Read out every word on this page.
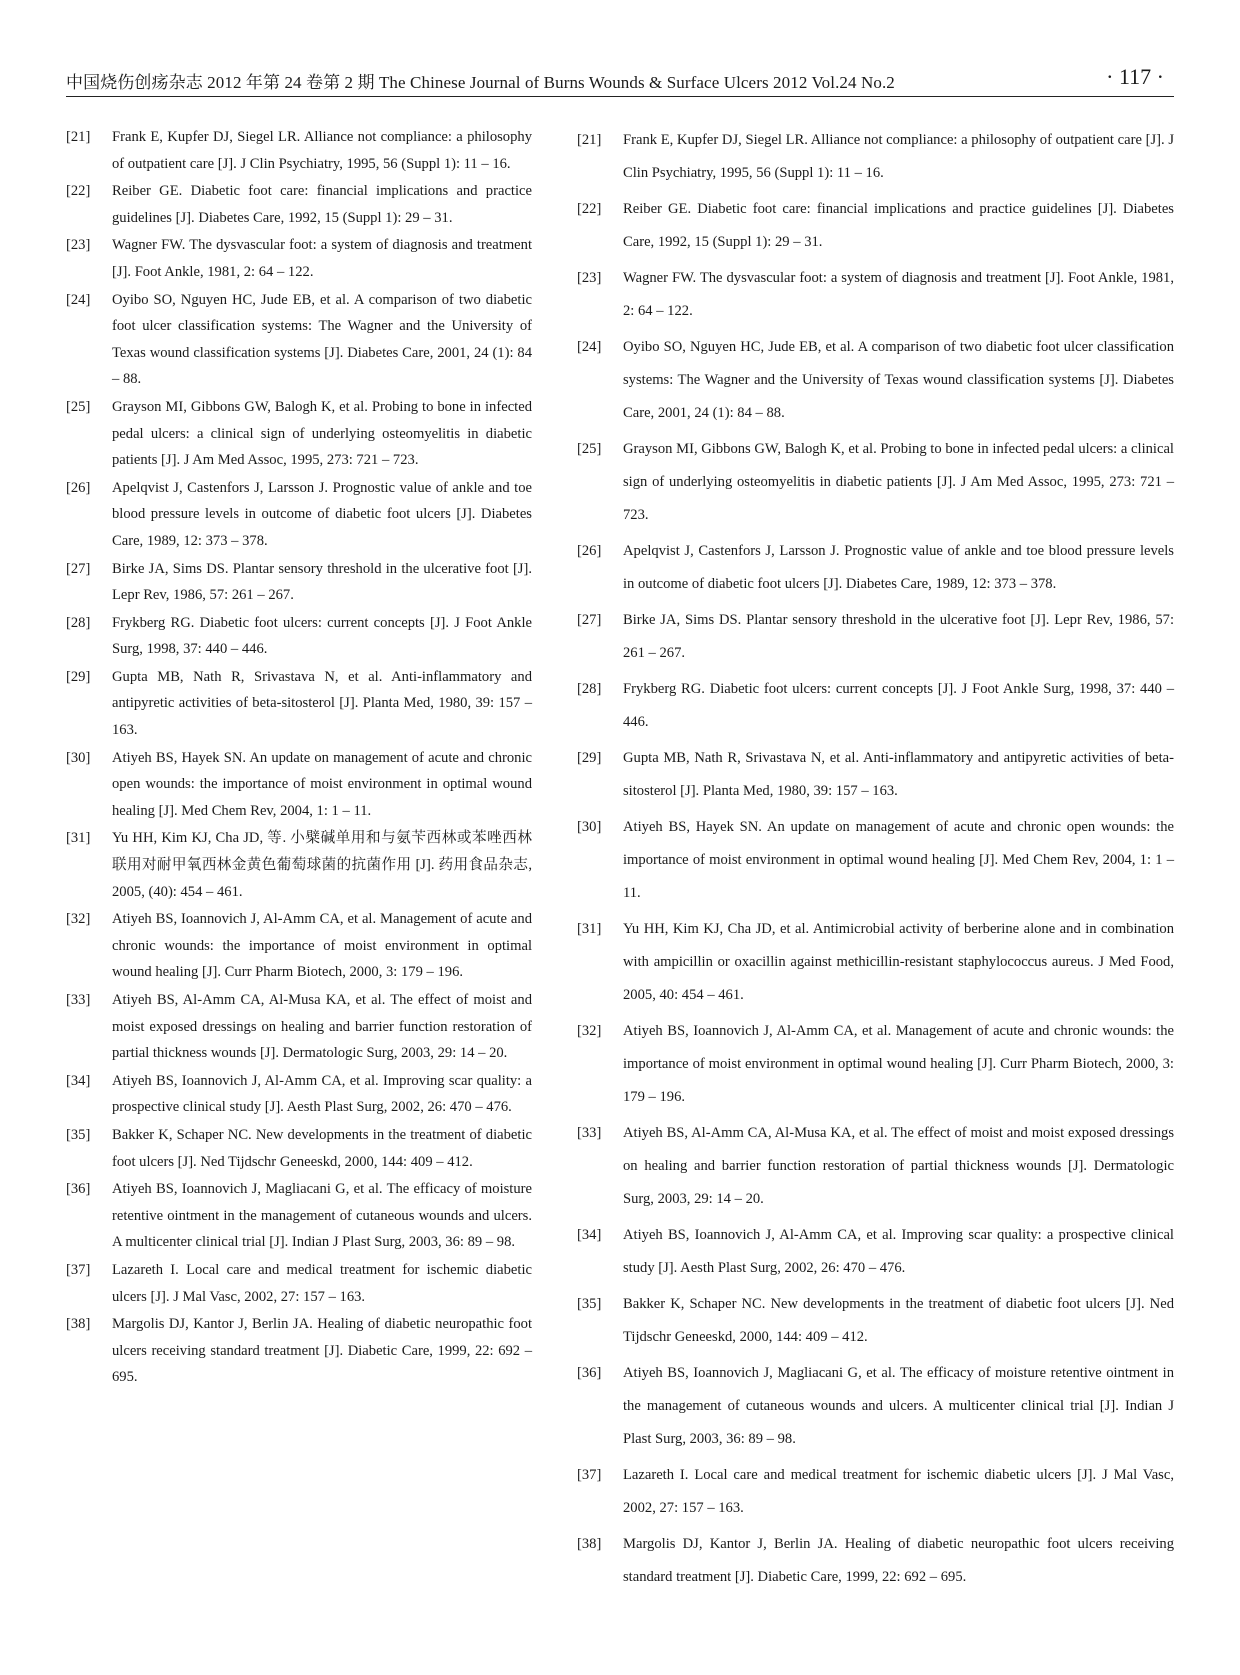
中国烧伤创疡杂志 2012 年第 24 卷第 2 期 The Chinese Journal of Burns Wounds & Surface Ulcers 2012 Vol.24 No.2	· 117 ·
[21] Frank E, Kupfer DJ, Siegel LR. Alliance not compliance: a philosophy of outpatient care [J]. J Clin Psychiatry, 1995, 56 (Suppl 1): 11 – 16.
[22] Reiber GE. Diabetic foot care: financial implications and practice guidelines [J]. Diabetes Care, 1992, 15 (Suppl 1): 29 – 31.
[23] Wagner FW. The dysvascular foot: a system of diagnosis and treatment [J]. Foot Ankle, 1981, 2: 64 – 122.
[24] Oyibo SO, Nguyen HC, Jude EB, et al. A comparison of two diabetic foot ulcer classification systems: The Wagner and the University of Texas wound classification systems [J]. Diabetes Care, 2001, 24 (1): 84 – 88.
[25] Grayson MI, Gibbons GW, Balogh K, et al. Probing to bone in infected pedal ulcers: a clinical sign of underlying osteomyelitis in diabetic patients [J]. J Am Med Assoc, 1995, 273: 721 – 723.
[26] Apelqvist J, Castenfors J, Larsson J. Prognostic value of ankle and toe blood pressure levels in outcome of diabetic foot ulcers [J]. Diabetes Care, 1989, 12: 373 – 378.
[27] Birke JA, Sims DS. Plantar sensory threshold in the ulcerative foot [J]. Lepr Rev, 1986, 57: 261 – 267.
[28] Frykberg RG. Diabetic foot ulcers: current concepts [J]. J Foot Ankle Surg, 1998, 37: 440 – 446.
[29] Gupta MB, Nath R, Srivastava N, et al. Anti-inflammatory and antipyretic activities of beta-sitosterol [J]. Planta Med, 1980, 39: 157 – 163.
[30] Atiyeh BS, Hayek SN. An update on management of acute and chronic open wounds: the importance of moist environment in optimal wound healing [J]. Med Chem Rev, 2004, 1: 1 – 11.
[31] Yu HH, Kim KJ, Cha JD, 等. 小檗碱单用和与氨苄西林或苯唑西林联用对耐甲氧西林金黄色葡萄球菌的抗菌作用 [J]. 药用食品杂志, 2005, (40): 454 – 461.
[32] Atiyeh BS, Ioannovich J, Al-Amm CA, et al. Management of acute and chronic wounds: the importance of moist environment in optimal wound healing [J]. Curr Pharm Biotech, 2000, 3: 179 – 196.
[33] Atiyeh BS, Al-Amm CA, Al-Musa KA, et al. The effect of moist and moist exposed dressings on healing and barrier function restoration of partial thickness wounds [J]. Dermatologic Surg, 2003, 29: 14 – 20.
[34] Atiyeh BS, Ioannovich J, Al-Amm CA, et al. Improving scar quality: a prospective clinical study [J]. Aesth Plast Surg, 2002, 26: 470 – 476.
[35] Bakker K, Schaper NC. New developments in the treatment of diabetic foot ulcers [J]. Ned Tijdschr Geneeskd, 2000, 144: 409 – 412.
[36] Atiyeh BS, Ioannovich J, Magliacani G, et al. The efficacy of moisture retentive ointment in the management of cutaneous wounds and ulcers. A multicenter clinical trial [J]. Indian J Plast Surg, 2003, 36: 89 – 98.
[37] Lazareth I. Local care and medical treatment for ischemic diabetic ulcers [J]. J Mal Vasc, 2002, 27: 157 – 163.
[38] Margolis DJ, Kantor J, Berlin JA. Healing of diabetic neuropathic foot ulcers receiving standard treatment [J]. Diabetic Care, 1999, 22: 692 – 695.
[21] Frank E, Kupfer DJ, Siegel LR. Alliance not compliance: a philosophy of outpatient care [J]. J Clin Psychiatry, 1995, 56 (Suppl 1): 11 – 16.
[22] Reiber GE. Diabetic foot care: financial implications and practice guidelines [J]. Diabetes Care, 1992, 15 (Suppl 1): 29 – 31.
[23] Wagner FW. The dysvascular foot: a system of diagnosis and treatment [J]. Foot Ankle, 1981, 2: 64 – 122.
[24] Oyibo SO, Nguyen HC, Jude EB, et al. A comparison of two diabetic foot ulcer classification systems: The Wagner and the University of Texas wound classification systems [J]. Diabetes Care, 2001, 24 (1): 84 – 88.
[25] Grayson MI, Gibbons GW, Balogh K, et al. Probing to bone in infected pedal ulcers: a clinical sign of underlying osteomyelitis in diabetic patients [J]. J Am Med Assoc, 1995, 273: 721 – 723.
[26] Apelqvist J, Castenfors J, Larsson J. Prognostic value of ankle and toe blood pressure levels in outcome of diabetic foot ulcers [J]. Diabetes Care, 1989, 12: 373 – 378.
[27] Birke JA, Sims DS. Plantar sensory threshold in the ulcerative foot [J]. Lepr Rev, 1986, 57: 261 – 267.
[28] Frykberg RG. Diabetic foot ulcers: current concepts [J]. J Foot Ankle Surg, 1998, 37: 440 – 446.
[29] Gupta MB, Nath R, Srivastava N, et al. Anti-inflammatory and antipyretic activities of beta-sitosterol [J]. Planta Med, 1980, 39: 157 – 163.
[30] Atiyeh BS, Hayek SN. An update on management of acute and chronic open wounds: the importance of moist environment in optimal wound healing [J]. Med Chem Rev, 2004, 1: 1 – 11.
[31] Yu HH, Kim KJ, Cha JD, et al. Antimicrobial activity of berberine alone and in combination with ampicillin or oxacillin against methicillin-resistant staphylococcus aureus. J Med Food, 2005, 40: 454 – 461.
[32] Atiyeh BS, Ioannovich J, Al-Amm CA, et al. Management of acute and chronic wounds: the importance of moist environment in optimal wound healing [J]. Curr Pharm Biotech, 2000, 3: 179 – 196.
[33] Atiyeh BS, Al-Amm CA, Al-Musa KA, et al. The effect of moist and moist exposed dressings on healing and barrier function restoration of partial thickness wounds [J]. Dermatologic Surg, 2003, 29: 14 – 20.
[34] Atiyeh BS, Ioannovich J, Al-Amm CA, et al. Improving scar quality: a prospective clinical study [J]. Aesth Plast Surg, 2002, 26: 470 – 476.
[35] Bakker K, Schaper NC. New developments in the treatment of diabetic foot ulcers [J]. Ned Tijdschr Geneeskd, 2000, 144: 409 – 412.
[36] Atiyeh BS, Ioannovich J, Magliacani G, et al. The efficacy of moisture retentive ointment in the management of cutaneous wounds and ulcers. A multicenter clinical trial [J]. Indian J Plast Surg, 2003, 36: 89 – 98.
[37] Lazareth I. Local care and medical treatment for ischemic diabetic ulcers [J]. J Mal Vasc, 2002, 27: 157 – 163.
[38] Margolis DJ, Kantor J, Berlin JA. Healing of diabetic neuropathic foot ulcers receiving standard treatment [J]. Diabetic Care, 1999, 22: 692 – 695.
